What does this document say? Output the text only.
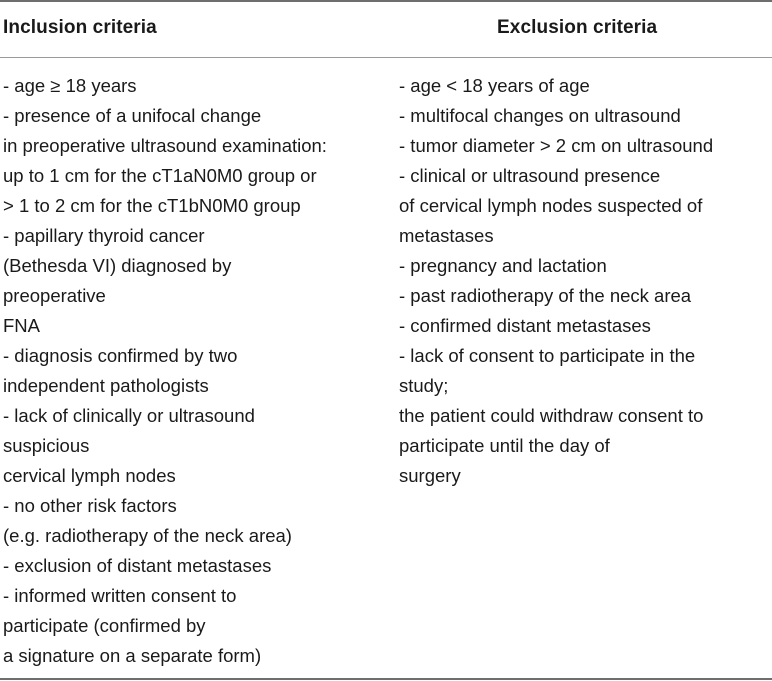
Inclusion criteria	Exclusion criteria
- age ≥ 18 years
- presence of a unifocal change
in preoperative ultrasound examination:
up to 1 cm for the cT1aN0M0 group or
> 1 to 2 cm for the cT1bN0M0 group
- papillary thyroid cancer
(Bethesda VI) diagnosed by
preoperative
FNA
- diagnosis confirmed by two
independent pathologists
- lack of clinically or ultrasound
suspicious
cervical lymph nodes
- no other risk factors
(e.g. radiotherapy of the neck area)
- exclusion of distant metastases
- informed written consent to
participate (confirmed by
a signature on a separate form)
- age < 18 years of age
- multifocal changes on ultrasound
- tumor diameter > 2 cm on ultrasound
- clinical or ultrasound presence
of cervical lymph nodes suspected of
metastases
- pregnancy and lactation
- past radiotherapy of the neck area
- confirmed distant metastases
- lack of consent to participate in the
study;
the patient could withdraw consent to
participate until the day of
surgery
